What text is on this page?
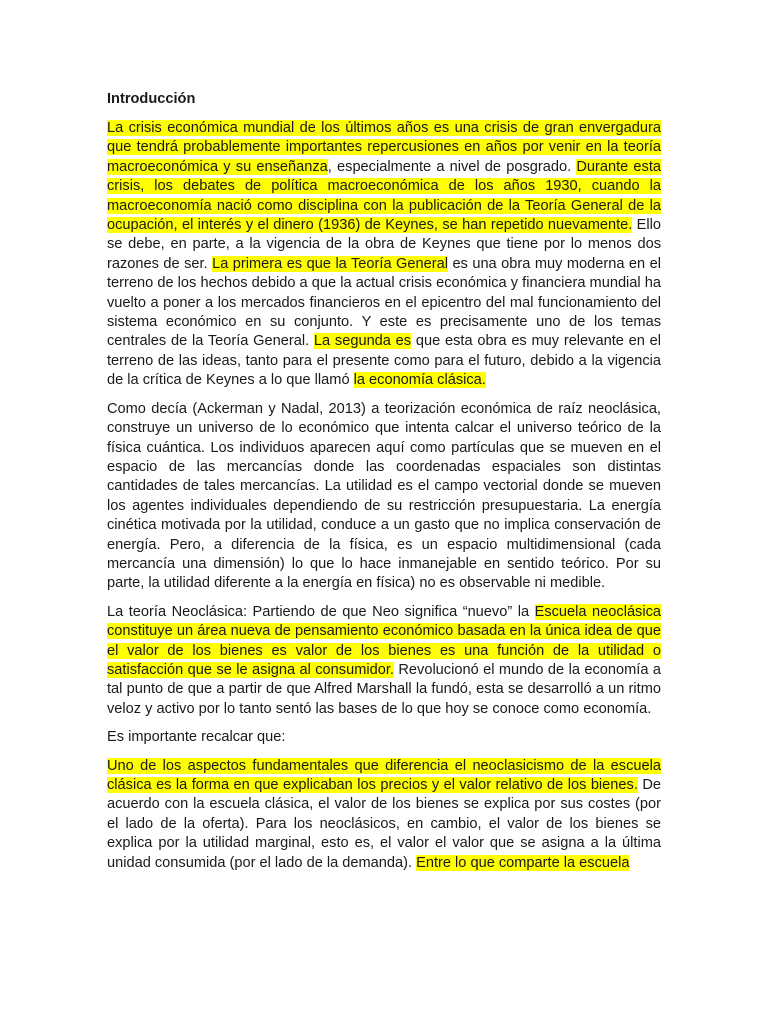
Introducción

La crisis económica mundial de los últimos años es una crisis de gran envergadura que tendrá probablemente importantes repercusiones en años por venir en la teoría macroeconómica y su enseñanza, especialmente a nivel de posgrado. Durante esta crisis, los debates de política macroeconómica de los años 1930, cuando la macroeconomía nació como disciplina con la publicación de la Teoría General de la ocupación, el interés y el dinero (1936) de Keynes, se han repetido nuevamente. Ello se debe, en parte, a la vigencia de la obra de Keynes que tiene por lo menos dos razones de ser. La primera es que la Teoría General es una obra muy moderna en el terreno de los hechos debido a que la actual crisis económica y financiera mundial ha vuelto a poner a los mercados financieros en el epicentro del mal funcionamiento del sistema económico en su conjunto. Y este es precisamente uno de los temas centrales de la Teoría General. La segunda es que esta obra es muy relevante en el terreno de las ideas, tanto para el presente como para el futuro, debido a la vigencia de la crítica de Keynes a lo que llamó la economía clásica.

Como decía (Ackerman y Nadal, 2013) a teorización económica de raíz neoclásica, construye un universo de lo económico que intenta calcar el universo teórico de la física cuántica. Los individuos aparecen aquí como partículas que se mueven en el espacio de las mercancías donde las coordenadas espaciales son distintas cantidades de tales mercancías. La utilidad es el campo vectorial donde se mueven los agentes individuales dependiendo de su restricción presupuestaria. La energía cinética motivada por la utilidad, conduce a un gasto que no implica conservación de energía. Pero, a diferencia de la física, es un espacio multidimensional (cada mercancía una dimensión) lo que lo hace inmanejable en sentido teórico. Por su parte, la utilidad diferente a la energía en física) no es observable ni medible.

La teoría Neoclásica: Partiendo de que Neo significa “nuevo” la Escuela neoclásica constituye un área nueva de pensamiento económico basada en la única idea de que el valor de los bienes es valor de los bienes es una función de la utilidad o satisfacción que se le asigna al consumidor. Revolucionó el mundo de la economía a tal punto de que a partir de que Alfred Marshall la fundó, esta se desarrolló a un ritmo veloz y activo por lo tanto sentó las bases de lo que hoy se conoce como economía.

Es importante recalcar que:

Uno de los aspectos fundamentales que diferencia el neoclasicismo de la escuela clásica es la forma en que explicaban los precios y el valor relativo de los bienes. De acuerdo con la escuela clásica, el valor de los bienes se explica por sus costes (por el lado de la oferta). Para los neoclásicos, en cambio, el valor de los bienes se explica por la utilidad marginal, esto es, el valor el valor que se asigna a la última unidad consumida (por el lado de la demanda). Entre lo que comparte la escuela
